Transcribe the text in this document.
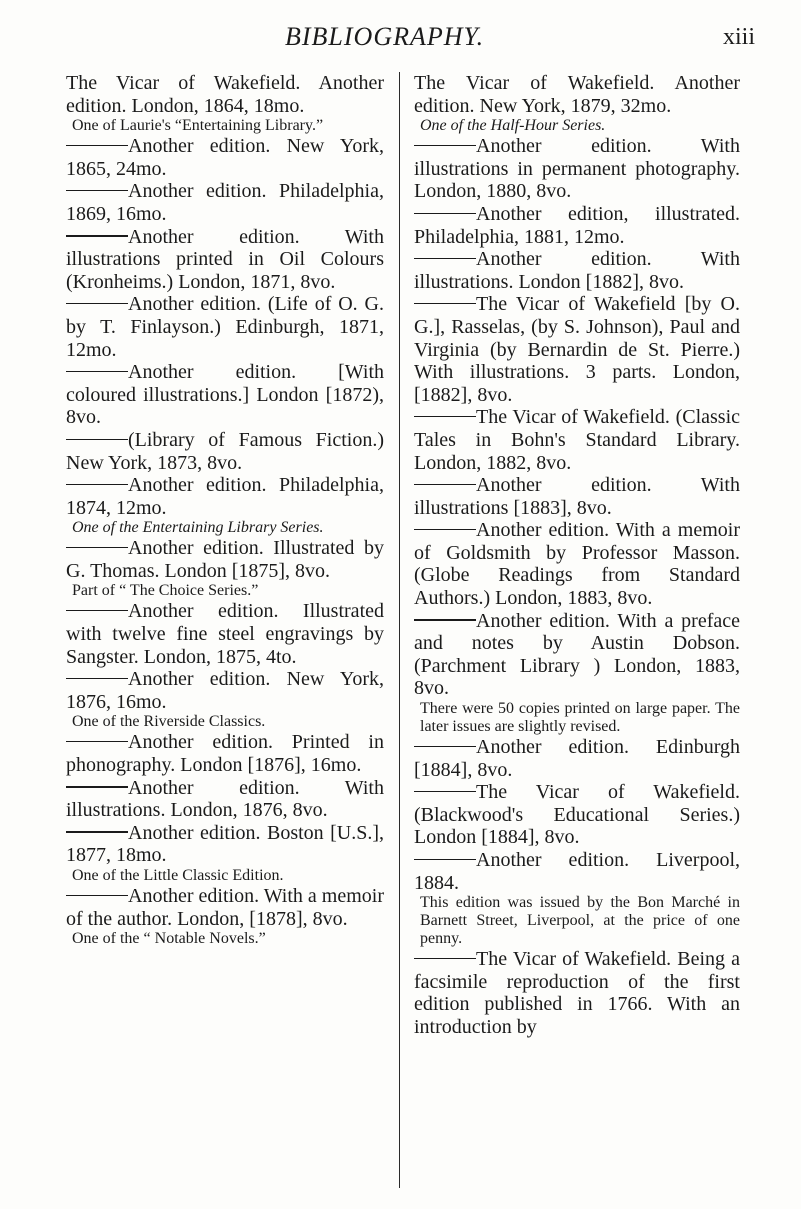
BIBLIOGRAPHY.	xiii

The Vicar of Wakefield. Another edition. London, 1864, 18mo.

One of Laurie's “Entertaining Library.”

Another edition. New York, 1865, 24mo.

Another edition. Philadelphia, 1869, 16mo.

Another edition. With illustrations printed in Oil Colours (Kronheims.) London, 1871, 8vo.

Another edition. (Life of O. G. by T. Finlayson.) Edinburgh, 1871, 12mo.

Another edition. [With coloured illustrations.] London [1872), 8vo.

(Library of Famous Fiction.) New York, 1873, 8vo.

Another edition. Philadelphia, 1874, 12mo.

One of the Entertaining Library Series.

Another edition. Illustrated by G. Thomas. London [1875], 8vo.

Part of “ The Choice Series.”

Another edition. Illustrated with twelve fine steel engravings by Sangster. London, 1875, 4to.

Another edition. New York, 1876, 16mo.

One of the Riverside Classics.

Another edition. Printed in phonography. London [1876], 16mo.

Another edition. With illustrations. London, 1876, 8vo.

Another edition. Boston [U.S.], 1877, 18mo.

One of the Little Classic Edition.

Another edition. With a memoir of the author. London, [1878], 8vo.

One of the “ Notable Novels.”

The Vicar of Wakefield. Another edition. New York, 1879, 32mo.

One of the Half-Hour Series.

Another edition. With illustrations in permanent photography. London, 1880, 8vo.

Another edition, illustrated. Philadelphia, 1881, 12mo.

Another edition. With illustrations. London [1882], 8vo.

The Vicar of Wakefield [by O. G.], Rasselas, (by S. Johnson), Paul and Virginia (by Bernardin de St. Pierre.) With illustrations. 3 parts. London, [1882], 8vo.

The Vicar of Wakefield. (Classic Tales in Bohn's Standard Library. London, 1882, 8vo.

Another edition. With illustrations [1883], 8vo.

Another edition. With a memoir of Goldsmith by Professor Masson. (Globe Readings from Standard Authors.) London, 1883, 8vo.

Another edition. With a preface and notes by Austin Dobson. (Parchment Library ) London, 1883, 8vo.

There were 50 copies printed on large paper. The later issues are slightly revised.

Another edition. Edinburgh [1884], 8vo.

The Vicar of Wakefield. (Blackwood's Educational Series.) London [1884], 8vo.

Another edition. Liverpool, 1884.

This edition was issued by the Bon Marché in Barnett Street, Liverpool, at the price of one penny.

The Vicar of Wakefield. Being a facsimile reproduction of the first edition published in 1766. With an introduction by
